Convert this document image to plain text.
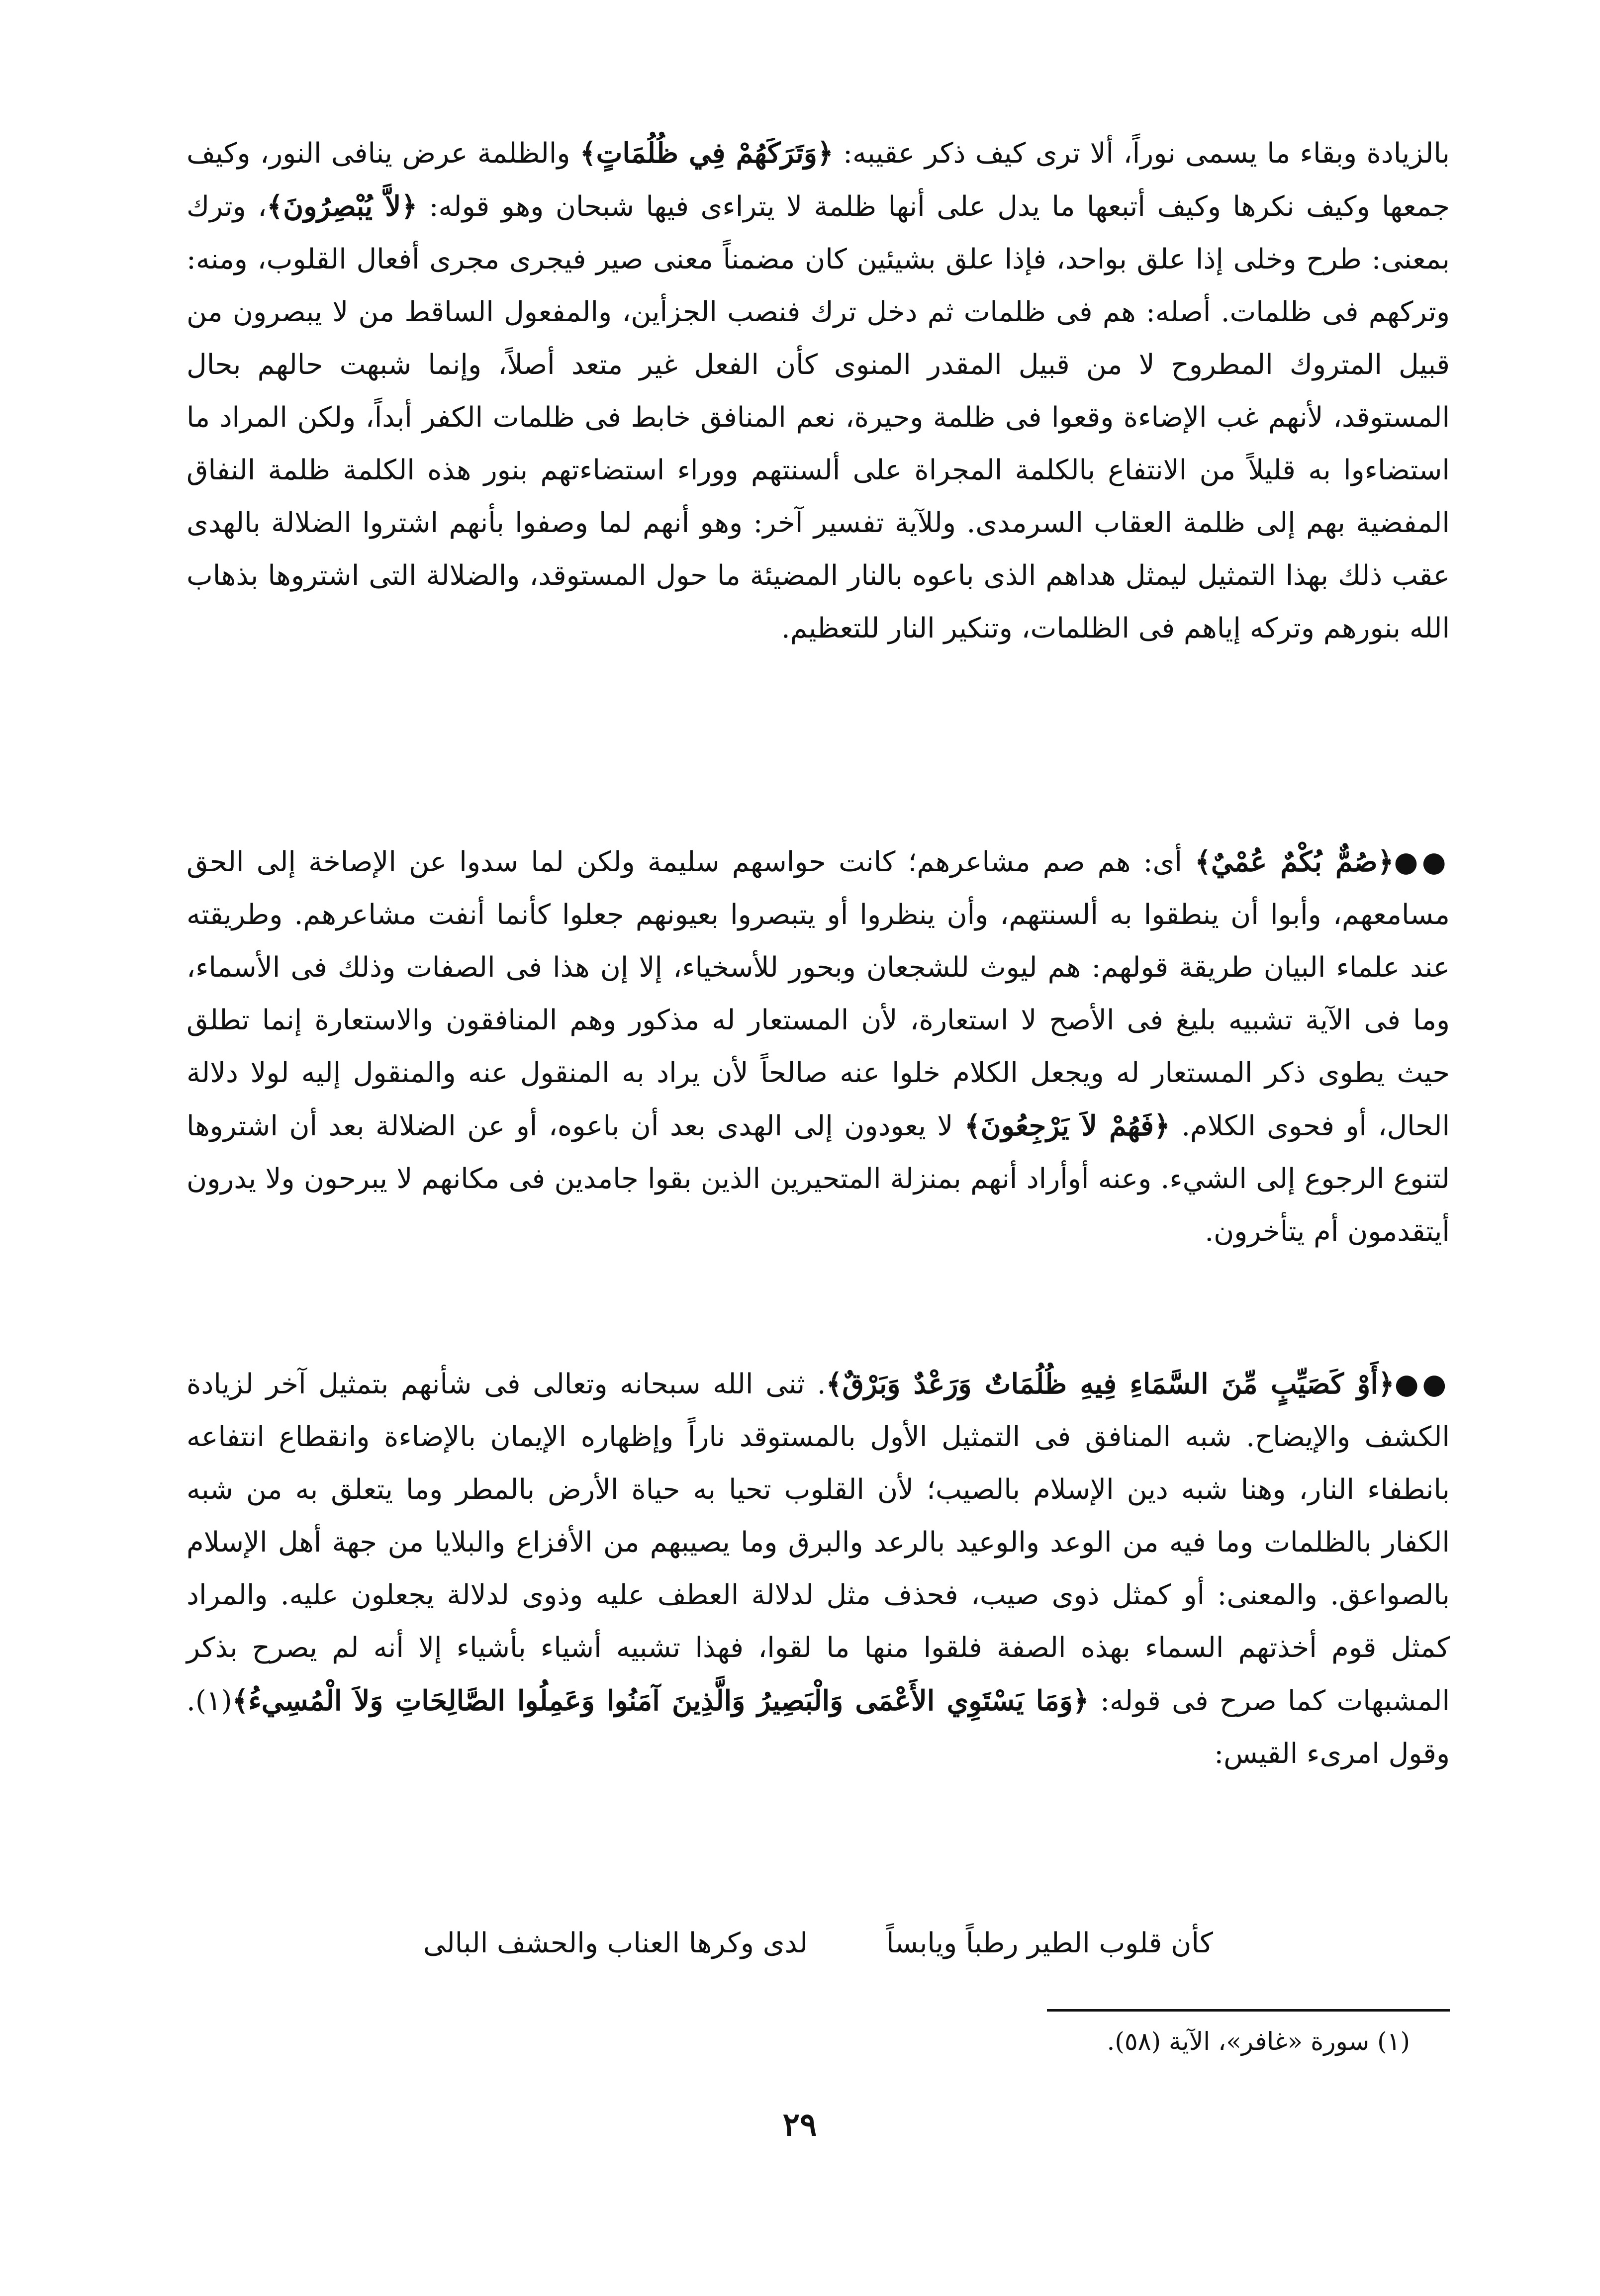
بالزيادة وبقاء ما يسمى نوراً، ألا ترى كيف ذكر عقيبه: ﴿وَتَرَكَهُمْ فِي ظُلُمَاتٍ﴾ والظلمة عرض ينافى النور، وكيف جمعها وكيف نكرها وكيف أتبعها ما يدل على أنها ظلمة لا يتراءى فيها شبحان وهو قوله: ﴿لاَّ يُبْصِرُونَ﴾، وترك بمعنى: طرح وخلى إذا علق بواحد، فإذا علق بشيئين كان مضمناً معنى صير فيجرى مجرى أفعال القلوب، ومنه: وتركهم فى ظلمات. أصله: هم فى ظلمات ثم دخل ترك فنصب الجزأين، والمفعول الساقط من لا يبصرون من قبيل المتروك المطروح لا من قبيل المقدر المنوى كأن الفعل غير متعد أصلاً، وإنما شبهت حالهم بحال المستوقد، لأنهم غب الإضاءة وقعوا فى ظلمة وحيرة، نعم المنافق خابط فى ظلمات الكفر أبداً، ولكن المراد ما استضاءوا به قليلاً من الانتفاع بالكلمة المجراة على ألسنتهم ووراء استضاءتهم بنور هذه الكلمة ظلمة النفاق المفضية بهم إلى ظلمة العقاب السرمدى. وللآية تفسير آخر: وهو أنهم لما وصفوا بأنهم اشتروا الضلالة بالهدى عقب ذلك بهذا التمثيل ليمثل هداهم الذى باعوه بالنار المضيئة ما حول المستوقد، والضلالة التى اشتروها بذهاب الله بنورهم وتركه إياهم فى الظلمات، وتنكير النار للتعظيم.

●●﴿صُمٌّ بُكْمٌ عُمْيٌ﴾ أى: هم صم مشاعرهم؛ كانت حواسهم سليمة ولكن لما سدوا عن الإصاخة إلى الحق مسامعهم، وأبوا أن ينطقوا به ألسنتهم، وأن ينظروا أو يتبصروا بعيونهم جعلوا كأنما أنفت مشاعرهم. وطريقته عند علماء البيان طريقة قولهم: هم ليوث للشجعان وبحور للأسخياء، إلا إن هذا فى الصفات وذلك فى الأسماء، وما فى الآية تشبيه بليغ فى الأصح لا استعارة، لأن المستعار له مذكور وهم المنافقون والاستعارة إنما تطلق حيث يطوى ذكر المستعار له ويجعل الكلام خلوا عنه صالحاً لأن يراد به المنقول عنه والمنقول إليه لولا دلالة الحال، أو فحوى الكلام. ﴿فَهُمْ لاَ يَرْجِعُونَ﴾ لا يعودون إلى الهدى بعد أن باعوه، أو عن الضلالة بعد أن اشتروها لتنوع الرجوع إلى الشيء. وعنه أوأراد أنهم بمنزلة المتحيرين الذين بقوا جامدين فى مكانهم لا يبرحون ولا يدرون أيتقدمون أم يتأخرون.

●●﴿أَوْ كَصَيِّبٍ مِّنَ السَّمَاءِ فِيهِ ظُلُمَاتٌ وَرَعْدٌ وَبَرْقٌ﴾. ثنى الله سبحانه وتعالى فى شأنهم بتمثيل آخر لزيادة الكشف والإيضاح. شبه المنافق فى التمثيل الأول بالمستوقد ناراً وإظهاره الإيمان بالإضاءة وانقطاع انتفاعه بانطفاء النار، وهنا شبه دين الإسلام بالصيب؛ لأن القلوب تحيا به حياة الأرض بالمطر وما يتعلق به من شبه الكفار بالظلمات وما فيه من الوعد والوعيد بالرعد والبرق وما يصيبهم من الأفزاع والبلايا من جهة أهل الإسلام بالصواعق. والمعنى: أو كمثل ذوى صيب، فحذف مثل لدلالة العطف عليه وذوى لدلالة يجعلون عليه. والمراد كمثل قوم أخذتهم السماء بهذه الصفة فلقوا منها ما لقوا، فهذا تشبيه أشياء بأشياء إلا أنه لم يصرح بذكر المشبهات كما صرح فى قوله: ﴿وَمَا يَسْتَوِي الأَعْمَى وَالْبَصِيرُ وَالَّذِينَ آمَنُوا وَعَمِلُوا الصَّالِحَاتِ وَلاَ الْمُسِيءُ﴾(١). وقول امرىء القيس:

كأن قلوب الطير رطباً ويابساً لدى وكرها العناب والحشف البالى
(١) سورة «غافر»، الآية (٥٨).
٢٩
